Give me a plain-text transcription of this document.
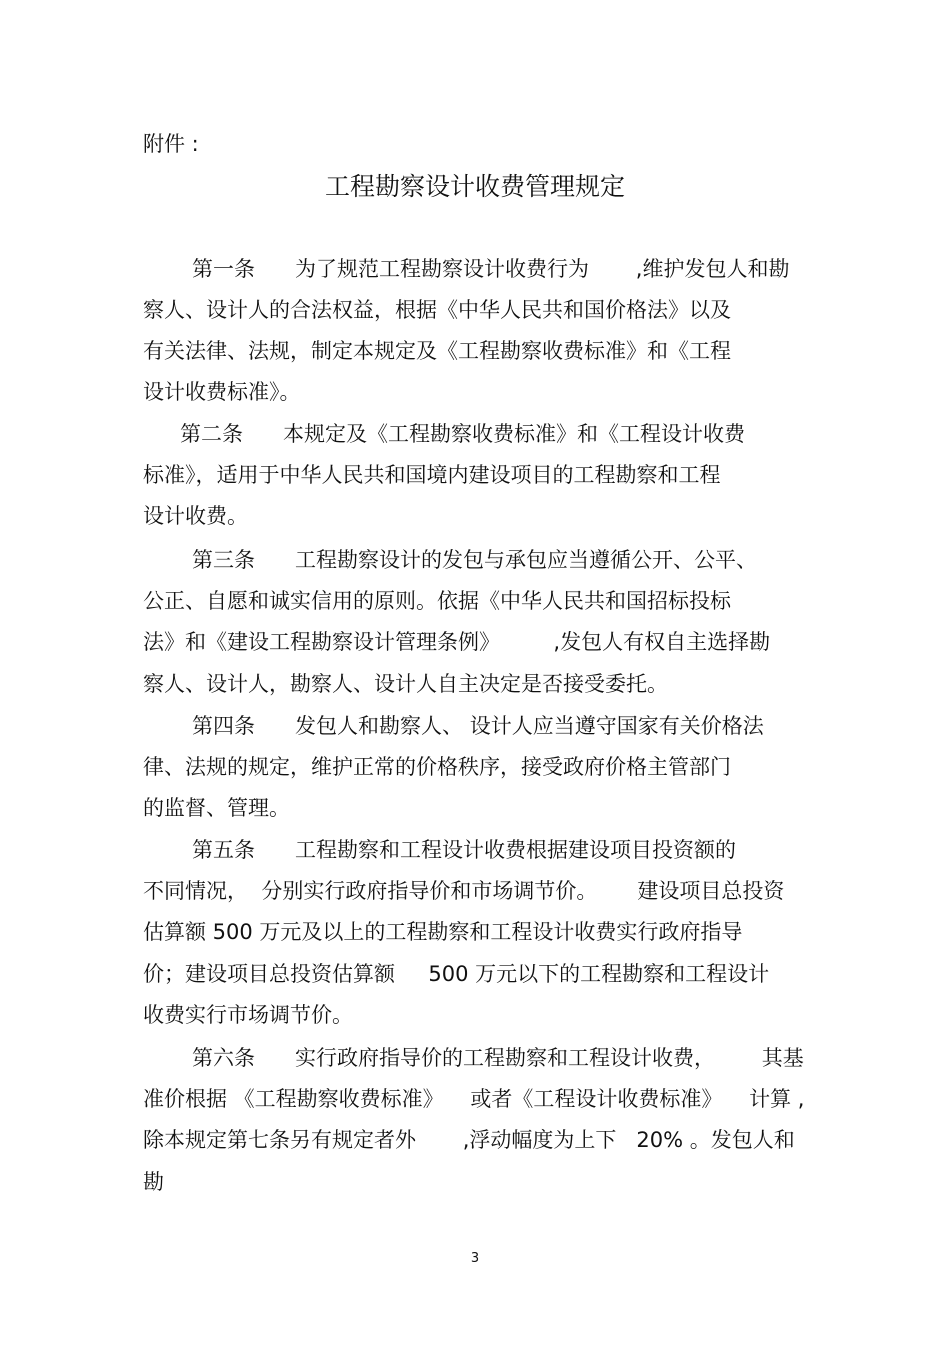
附件 :
工程勘察设计收费管理规定
第一条      为了规范工程勘察设计收费行为       ,维护发包人和勘
察人、设计人的合法权益，根据《中华人民共和国价格法》以及
有关法律、法规，制定本规定及《工程勘察收费标准》和《工程
设计收费标准》。
第二条      本规定及《工程勘察收费标准》和《工程设计收费
标准》，适用于中华人民共和国境内建设项目的工程勘察和工程
设计收费。
第三条      工程勘察设计的发包与承包应当遵循公开、公平、
公正、自愿和诚实信用的原则。依据《中华人民共和国招标投标
法》和《建设工程勘察设计管理条例》        ,发包人有权自主选择勘
察人、设计人，勘察人、设计人自主决定是否接受委托。
第四条      发包人和勘察人、 设计人应当遵守国家有关价格法
律、法规的规定，维护正常的价格秩序，接受政府价格主管部门
的监督、管理。
第五条      工程勘察和工程设计收费根据建设项目投资额的
不同情况，  分别实行政府指导价和市场调节价。      建设项目总投资
估算额 500 万元及以上的工程勘察和工程设计收费实行政府指导
价；建设项目总投资估算额     500 万元以下的工程勘察和工程设计
收费实行市场调节价。
第六条      实行政府指导价的工程勘察和工程设计收费，       其基
准价根据 《工程勘察收费标准》    或者《工程设计收费标准》    计算 ,
除本规定第七条另有规定者外       ,浮动幅度为上下   20% 。发包人和
勘
3
